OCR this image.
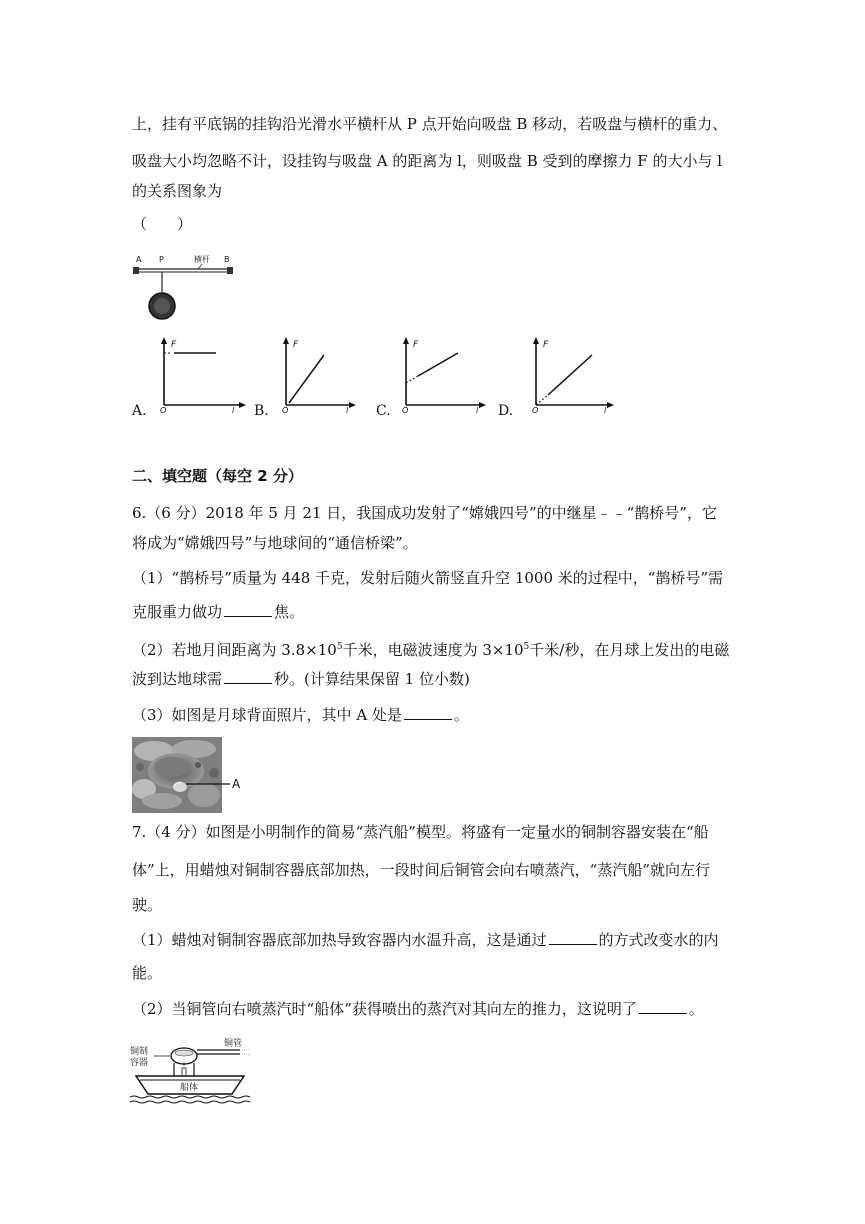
上，挂有平底锅的挂钩沿光滑水平横杆从 P 点开始向吸盘 B 移动，若吸盘与横杆的重力、
吸盘大小均忽略不计，设挂钩与吸盘 A 的距离为 l，则吸盘 B 受到的摩擦力 F 的大小与 l
的关系图象为
（　　）
A P	横杆 B
A.
F
O	l B.
F
O	l C.
F
O	l D.
F
O	l
二、填空题（每空 2 分）
6.（6 分）2018 年 5 月 21 日，我国成功发射了“嫦娥四号”的中继星﹣﹣“鹊桥号”，它
将成为“嫦娥四号”与地球间的“通信桥梁”。
（1）“鹊桥号”质量为 448 千克，发射后随火箭竖直升空 1000 米的过程中，“鹊桥号”需
克服重力做功	焦。
（2）若地月间距离为 $3.8\times 10^5$千米，电磁波速度为 $3\times 10^5$千米/秒，在月球上发出的电磁
波到达地球需	秒。(计算结果保留 1 位小数)
（3）如图是月球背面照片，其中 A 处是	。
A
7.（4 分）如图是小明制作的简易“蒸汽船”模型。将盛有一定量水的铜制容器安装在“船
体”上，用蜡烛对铜制容器底部加热，一段时间后铜管会向右喷蒸汽，“蒸汽船”就向左行
驶。
（1）蜡烛对铜制容器底部加热导致容器内水温升高，这是通过	的方式改变水的内
能。
（2）当铜管向右喷蒸汽时“船体”获得喷出的蒸汽对其向左的推力，这说明了	。
铜制
容器
铜管
船体
